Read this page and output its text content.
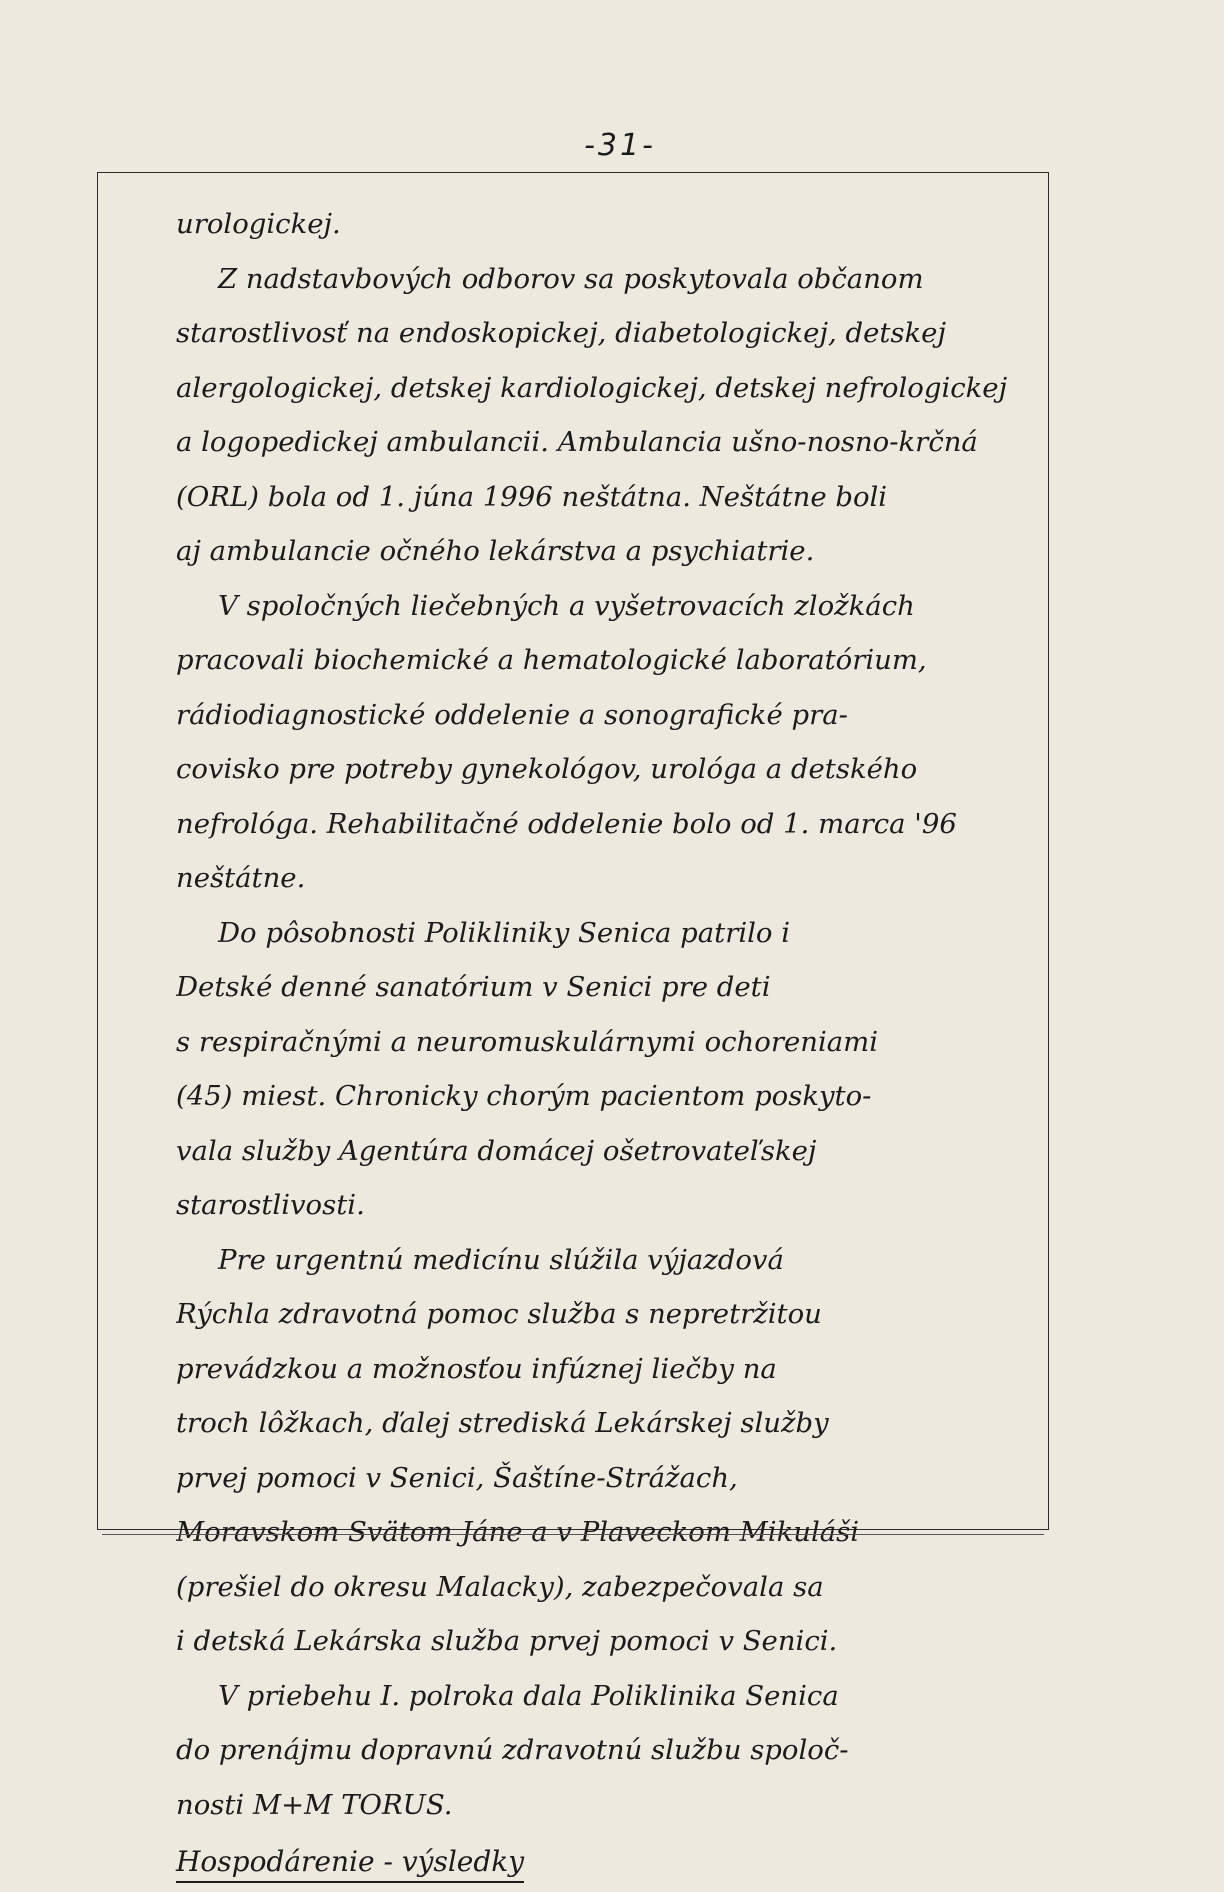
-31-
urologickej.
Z nadstavbových odborov sa poskytovala občanom
starostlivosť na endoskopickej, diabetologickej, detskej
alergologickej, detskej kardiologickej, detskej nefrologickej
a logopedickej ambulancii. Ambulancia ušno-nosno-krčná
(ORL) bola od 1. júna 1996 neštátna. Neštátne boli
aj ambulancie očného lekárstva a psychiatrie.
V spoločných liečebných a vyšetrovacích zložkách
pracovali biochemické a hematologické laboratórium,
rádiodiagnostické oddelenie a sonografické pra-
covisko pre potreby gynekológov, urológa a detského
nefrológa. Rehabilitačné oddelenie bolo od 1. marca '96
neštátne.
Do pôsobnosti Polikliniky Senica patrilo i
Detské denné sanatórium v Senici pre deti
s respiračnými a neuromuskulárnymi ochoreniami
(45) miest. Chronicky chorým pacientom poskyto-
vala služby Agentúra domácej ošetrovateľskej
starostlivosti.
Pre urgentnú medicínu slúžila výjazdová
Rýchla zdravotná pomoc služba s nepretržitou
prevádzkou a možnosťou infúznej liečby na
troch lôžkach, ďalej strediská Lekárskej služby
prvej pomoci v Senici, Šaštíne-Strážach,
Moravskom Svätom Jáne a v Plaveckom Mikuláši
(prešiel do okresu Malacky), zabezpečovala sa
i detská Lekárska služba prvej pomoci v Senici.
V priebehu I. polroka dala Poliklinika Senica
do prenájmu dopravnú zdravotnú službu spoloč-
nosti M+M TORUS.
Hospodárenie - výsledky
